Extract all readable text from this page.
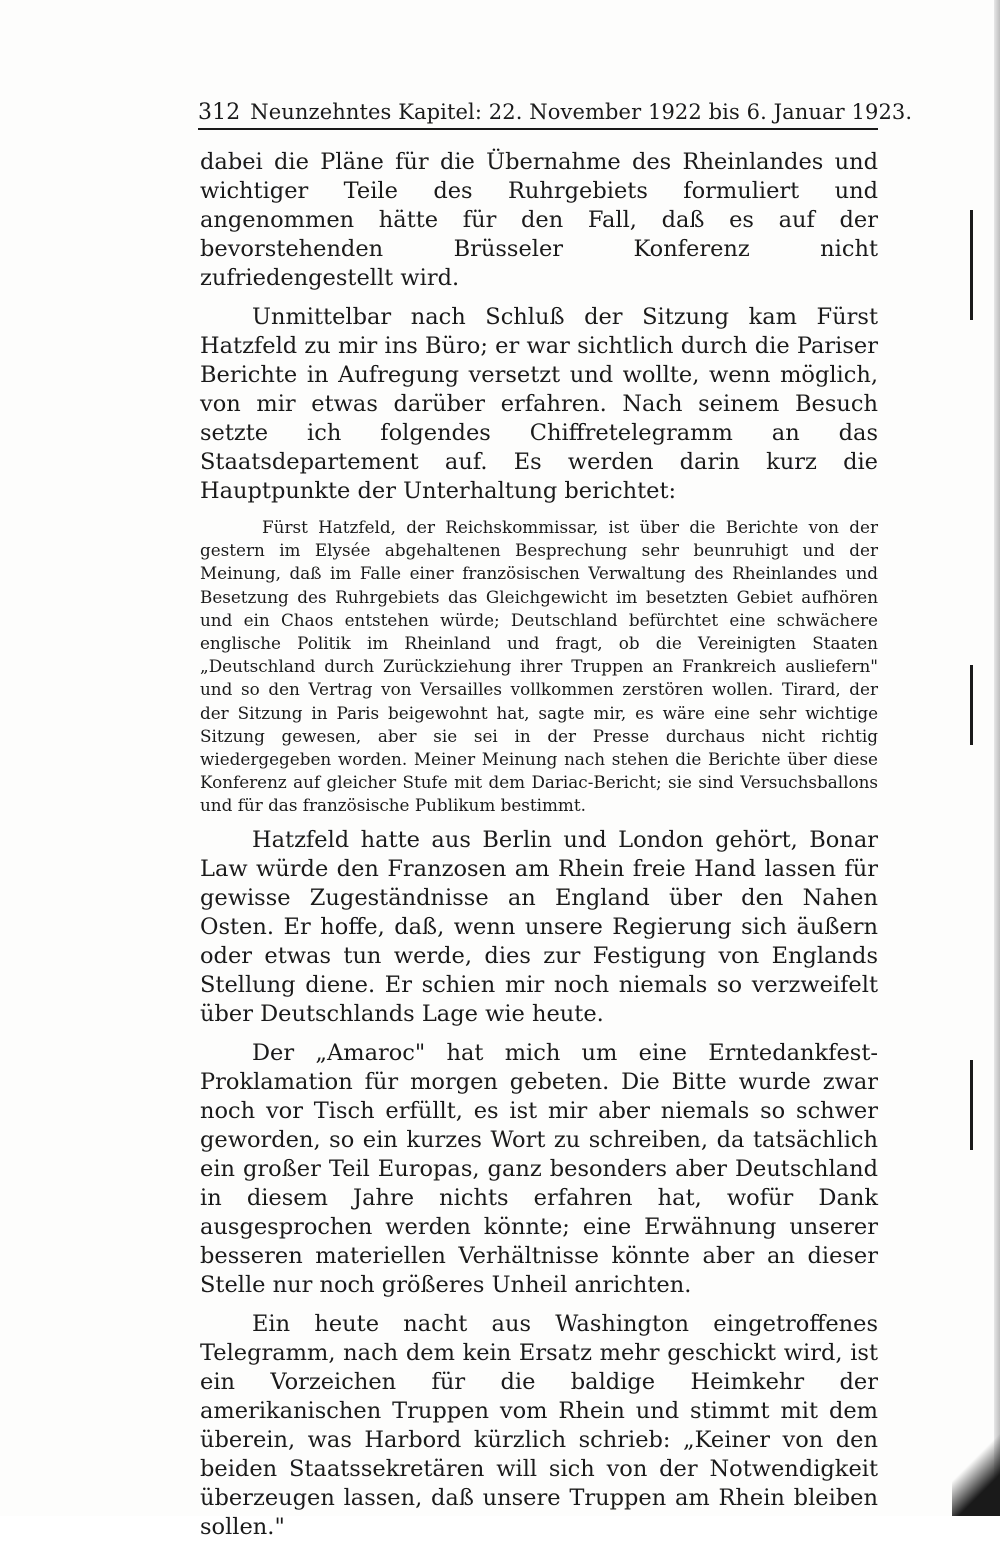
312 Neunzehntes Kapitel: 22. November 1922 bis 6. Januar 1923.

dabei die Pläne für die Übernahme des Rheinlandes und wichtiger Teile des Ruhrgebiets formuliert und angenommen hätte für den Fall, daß es auf der bevorstehenden Brüsseler Konferenz nicht zufriedengestellt wird.

Unmittelbar nach Schluß der Sitzung kam Fürst Hatzfeld zu mir ins Büro; er war sichtlich durch die Pariser Berichte in Aufregung versetzt und wollte, wenn möglich, von mir etwas darüber erfahren. Nach seinem Besuch setzte ich folgendes Chiffretelegramm an das Staatsdepartement auf. Es werden darin kurz die Hauptpunkte der Unterhaltung berichtet:

Fürst Hatzfeld, der Reichskommissar, ist über die Berichte von der gestern im Elysée abgehaltenen Besprechung sehr beunruhigt und der Meinung, daß im Falle einer französischen Verwaltung des Rheinlandes und Besetzung des Ruhrgebiets das Gleichgewicht im besetzten Gebiet aufhören und ein Chaos entstehen würde; Deutschland befürchtet eine schwächere englische Politik im Rheinland und fragt, ob die Vereinigten Staaten „Deutschland durch Zurückziehung ihrer Truppen an Frankreich ausliefern" und so den Vertrag von Versailles vollkommen zerstören wollen. Tirard, der der Sitzung in Paris beigewohnt hat, sagte mir, es wäre eine sehr wichtige Sitzung gewesen, aber sie sei in der Presse durchaus nicht richtig wiedergegeben worden. Meiner Meinung nach stehen die Berichte über diese Konferenz auf gleicher Stufe mit dem Dariac-Bericht; sie sind Versuchsballons und für das französische Publikum bestimmt.

Hatzfeld hatte aus Berlin und London gehört, Bonar Law würde den Franzosen am Rhein freie Hand lassen für gewisse Zugeständnisse an England über den Nahen Osten. Er hoffe, daß, wenn unsere Regierung sich äußern oder etwas tun werde, dies zur Festigung von Englands Stellung diene. Er schien mir noch niemals so verzweifelt über Deutschlands Lage wie heute.

Der „Amaroc" hat mich um eine Erntedankfest-Proklamation für morgen gebeten. Die Bitte wurde zwar noch vor Tisch erfüllt, es ist mir aber niemals so schwer geworden, so ein kurzes Wort zu schreiben, da tatsächlich ein großer Teil Europas, ganz besonders aber Deutschland in diesem Jahre nichts erfahren hat, wofür Dank ausgesprochen werden könnte; eine Erwähnung unserer besseren materiellen Verhältnisse könnte aber an dieser Stelle nur noch größeres Unheil anrichten.

Ein heute nacht aus Washington eingetroffenes Telegramm, nach dem kein Ersatz mehr geschickt wird, ist ein Vorzeichen für die baldige Heimkehr der amerikanischen Truppen vom Rhein und stimmt mit dem überein, was Harbord kürzlich schrieb: „Keiner von den beiden Staatssekretären will sich von der Notwendigkeit überzeugen lassen, daß unsere Truppen am Rhein bleiben sollen."
